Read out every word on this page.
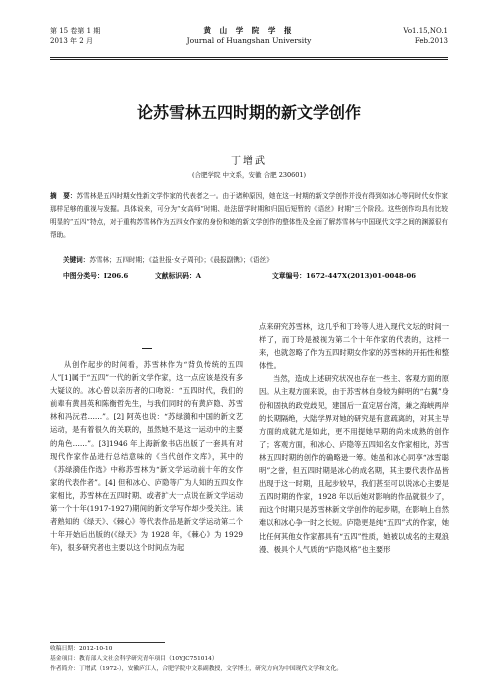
第 15 卷第 1 期
2013 年 2 月
黄 山 学 院 学 报
Journal of Huangshan University
Vo1.15,NO.1
Feb.2013
论苏雪林五四时期的新文学创作
丁增武
(合肥学院 中文系，安徽 合肥 230601)
摘　要：苏雪林是五四时期女性新文学作家的代表者之一。由于诸种原因，她在这一时期的新文学创作并没有得到如冰心等同时代女作家那样足够的重视与发掘。具体说来，可分为“女高师”时期、赴法留学时期和归国后短暂的《语丝》时期”三个阶段。这些创作均具有比较明显的“五四”特点，对于重构苏雪林作为五四女作家的身份和她的新文学创作的整体性及全面了解苏雪林与中国现代文学之间的渊源很有帮助。
关键词：苏雪林；五四时期；《益世报·女子周刊》；《晨报副镌》；《语丝》
中图分类号：I206.6	文献标识码：A	文章编号：1672-447X(2013)01-0048-06

从创作起步的时间看，苏雪林作为“背负传统的五四人”[1]属于“五四”一代的新文学作家，这一点应该是没有多大疑议的。冰心曾以亲历者的口吻说：“五四时代，我们的前辈有黄昌英和陈衡哲先生，与我们同时的有黄庐隐、苏雪林和冯沅君……”。[2] 阿英也说：“苏绿漪和中国的新文艺运动，是有着很久的关联的，虽然她不是这一运动中的主要的角色……”。[3]1946 年上海新象书店出版了一套具有对现代作家作品进行总结意味的《当代创作文库》，其中的《苏绿漪佳作选》中称苏雪林为“新文学运动前十年的女作家的代表作者”。[4] 但和冰心、庐隐等广为人知的五四女作家相比，苏雪林在五四时期、或者扩大一点说在新文学运动第一个十年(1917-1927)期间的新文学写作却少受关注。读者熟知的《绿天》、《棘心》等代表作品是新文学运动第二个十年开始后出版的(《绿天》为 1928 年，《棘心》为 1929 年)，很多研究者也主要以这个时间点为起

点来研究苏雪林，这几乎和丁玲等人进入现代文坛的时间一样了，而丁玲是被视为第二个十年作家的代表的，这样一来，也就忽略了作为五四时期女作家的苏雪林的开拓性和整体性。

当然，造成上述研究状况也存在一些主、客观方面的原因。从主观方面来说，由于苏雪林自身较为鲜明的“右翼”身份和固执的政党歧见，建国后一直定居台湾，兼之海峡两岸的长期隔绝，大陆学界对她的研究是有意疏离的，对其主导方面的成就尤是如此，更不用提她早期的尚未成熟的创作了；客观方面，和冰心、庐隐等五四知名女作家相比，苏雪林五四时期的创作的确略逊一筹。她虽和冰心同享“冰雪聪明”之誉，但五四时期是冰心的成名期，其主要代表作品皆出现于这一时期，且起步较早，我们甚至可以说冰心主要是五四时期的作家，1928 年以后她对影响的作品就很少了，而这个时期只是苏雪林新文学创作的起步期，在影响上自然难以和冰心争一时之长短。庐隐更是纯“五四”式的作家，她比任何其他女作家都具有“五四”性质，她被以成名的主观浪漫、极具个人气质的“庐隐风格”也主要形

收稿日期：2012-10-10
基金项目：教育部人文社会科学研究青年项目（10YJC751014）
作者简介：丁增武（1972-），安徽庐江人，合肥学院中文系副教授，文学博士，研究方向为中国现代文学和文化。
